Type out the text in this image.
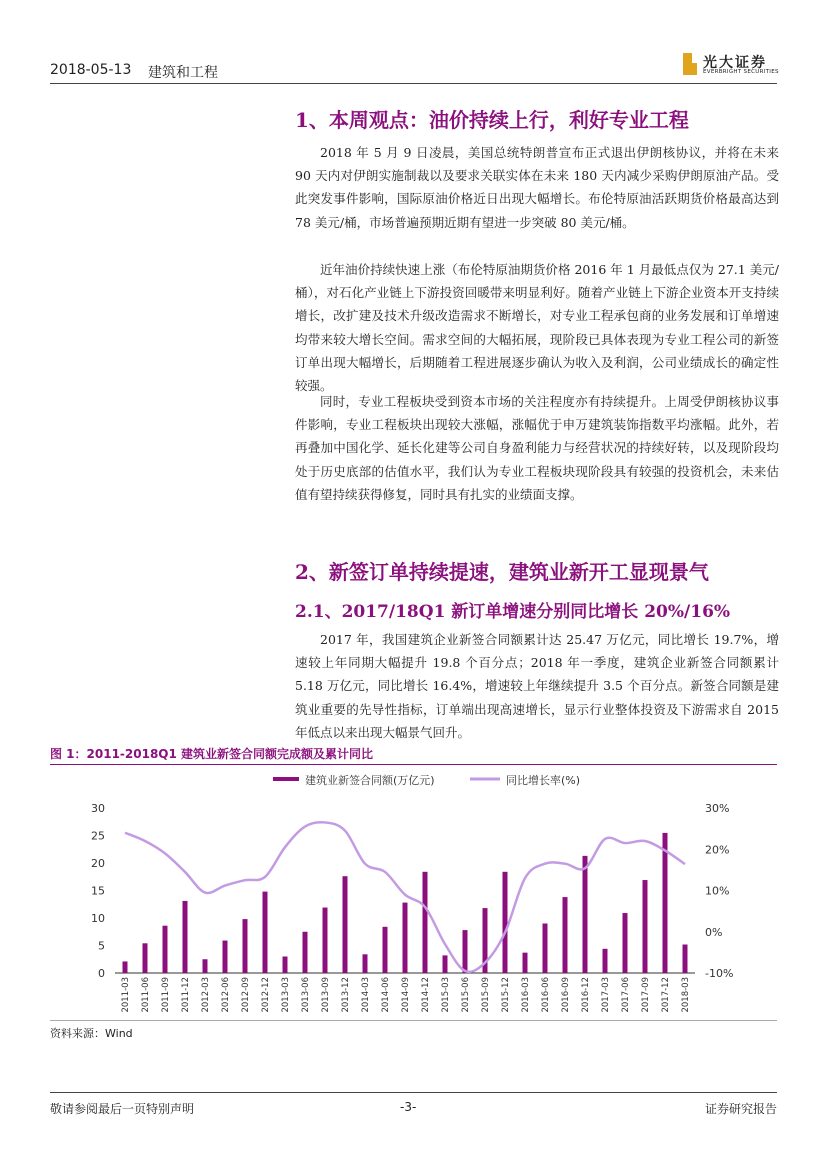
2018-05-13 建筑和工程
光大证券
EVERBRIGHT SECURITIES
1、本周观点：油价持续上行，利好专业工程
2018 年 5 月 9 日凌晨，美国总统特朗普宣布正式退出伊朗核协议，并将在未来 90 天内对伊朗实施制裁以及要求关联实体在未来 180 天内减少采购伊朗原油产品。受此突发事件影响，国际原油价格近日出现大幅增长。布伦特原油活跃期货价格最高达到 78 美元/桶，市场普遍预期近期有望进一步突破 80 美元/桶。
近年油价持续快速上涨（布伦特原油期货价格 2016 年 1 月最低点仅为 27.1 美元/桶），对石化产业链上下游投资回暖带来明显利好。随着产业链上下游企业资本开支持续增长，改扩建及技术升级改造需求不断增长，对专业工程承包商的业务发展和订单增速均带来较大增长空间。需求空间的大幅拓展，现阶段已具体表现为专业工程公司的新签订单出现大幅增长，后期随着工程进展逐步确认为收入及利润，公司业绩成长的确定性较强。
同时，专业工程板块受到资本市场的关注程度亦有持续提升。上周受伊朗核协议事件影响，专业工程板块出现较大涨幅，涨幅优于申万建筑装饰指数平均涨幅。此外，若再叠加中国化学、延长化建等公司自身盈利能力与经营状况的持续好转，以及现阶段均处于历史底部的估值水平，我们认为专业工程板块现阶段具有较强的投资机会，未来估值有望持续获得修复，同时具有扎实的业绩面支撑。
2、新签订单持续提速，建筑业新开工显现景气
2.1、2017/18Q1 新订单增速分别同比增长 20%/16%
2017 年，我国建筑企业新签合同额累计达 25.47 万亿元，同比增长 19.7%，增速较上年同期大幅提升 19.8 个百分点；2018 年一季度，建筑企业新签合同额累计 5.18 万亿元，同比增长 16.4%，增速较上年继续提升 3.5 个百分点。新签合同额是建筑业重要的先导性指标，订单端出现高速增长，显示行业整体投资及下游需求自 2015 年低点以来出现大幅景气回升。
图 1：2011-2018Q1 建筑业新签合同额完成额及累计同比
建筑业新签合同额(万亿元)	同比增长率(%)
0
5
10
15
20
25
30
-10%
0%
10%
20%
30%
2011-03 2011-06 2011-09 2011-12 2012-03 2012-06 2012-09 2012-12 2013-03 2013-06 2013-09 2013-12 2014-03 2014-06 2014-09 2014-12 2015-03 2015-06 2015-09 2015-12 2016-03 2016-06 2016-09 2016-12 2017-03 2017-06 2017-09 2017-12 2018-03
资料来源：Wind
敬请参阅最后一页特别声明	-3-	证券研究报告
